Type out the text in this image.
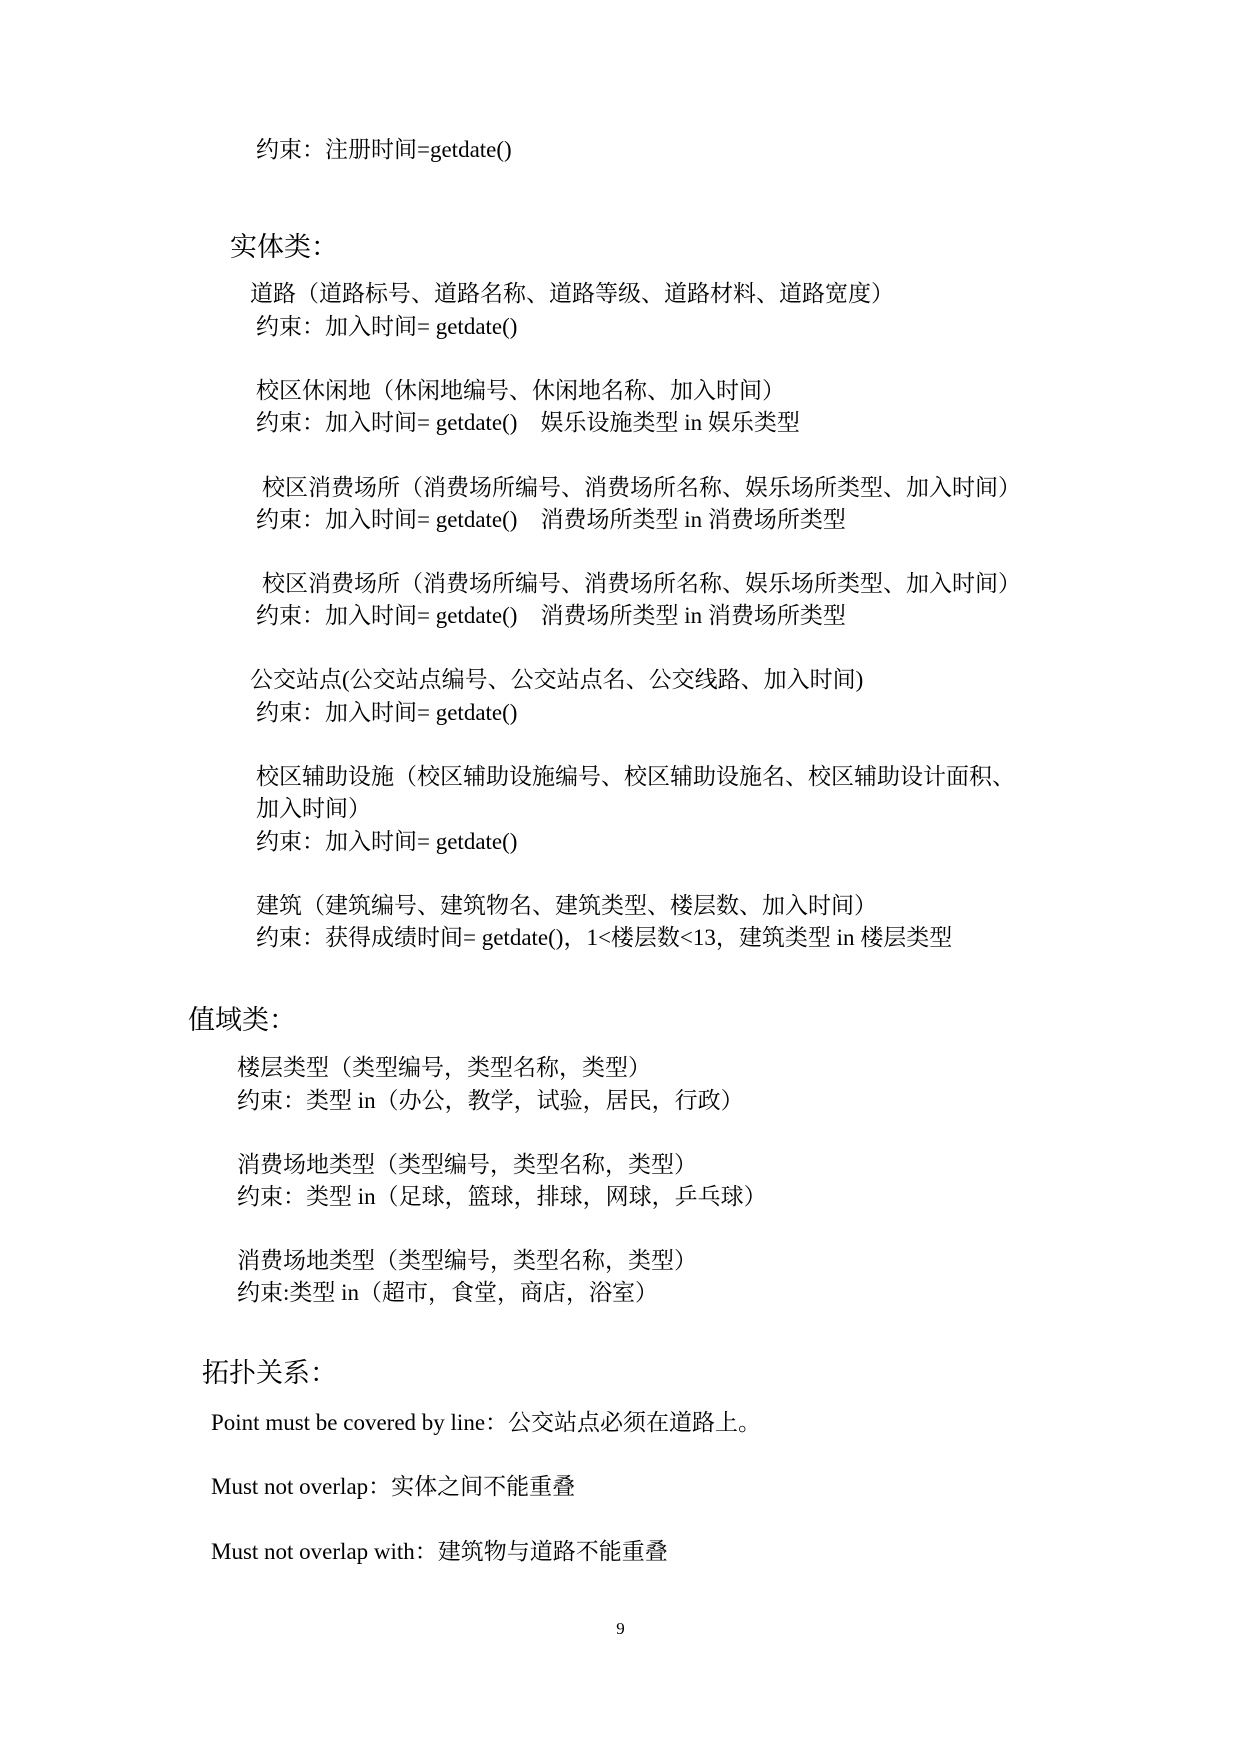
约束：注册时间=getdate()

实体类：

道路（道路标号、道路名称、道路等级、道路材料、道路宽度）

约束：加入时间= getdate()

校区休闲地（休闲地编号、休闲地名称、加入时间）

约束：加入时间= getdate()　娱乐设施类型 in 娱乐类型

校区消费场所（消费场所编号、消费场所名称、娱乐场所类型、加入时间）

约束：加入时间= getdate()　消费场所类型 in 消费场所类型

校区消费场所（消费场所编号、消费场所名称、娱乐场所类型、加入时间）

约束：加入时间= getdate()　消费场所类型 in 消费场所类型

公交站点(公交站点编号、公交站点名、公交线路、加入时间)

约束：加入时间= getdate()

校区辅助设施（校区辅助设施编号、校区辅助设施名、校区辅助设计面积、

加入时间）

约束：加入时间= getdate()

建筑（建筑编号、建筑物名、建筑类型、楼层数、加入时间）

约束：获得成绩时间= getdate()，1<楼层数<13，建筑类型 in 楼层类型

值域类：

楼层类型（类型编号，类型名称，类型）

约束：类型 in（办公，教学，试验，居民，行政）

消费场地类型（类型编号，类型名称，类型）

约束：类型 in（足球，篮球，排球，网球，乒乓球）

消费场地类型（类型编号，类型名称，类型）

约束:类型 in（超市，食堂，商店，浴室）

拓扑关系：

Point must be covered by line：公交站点必须在道路上。

Must not overlap：实体之间不能重叠

Must not overlap with：建筑物与道路不能重叠

9
